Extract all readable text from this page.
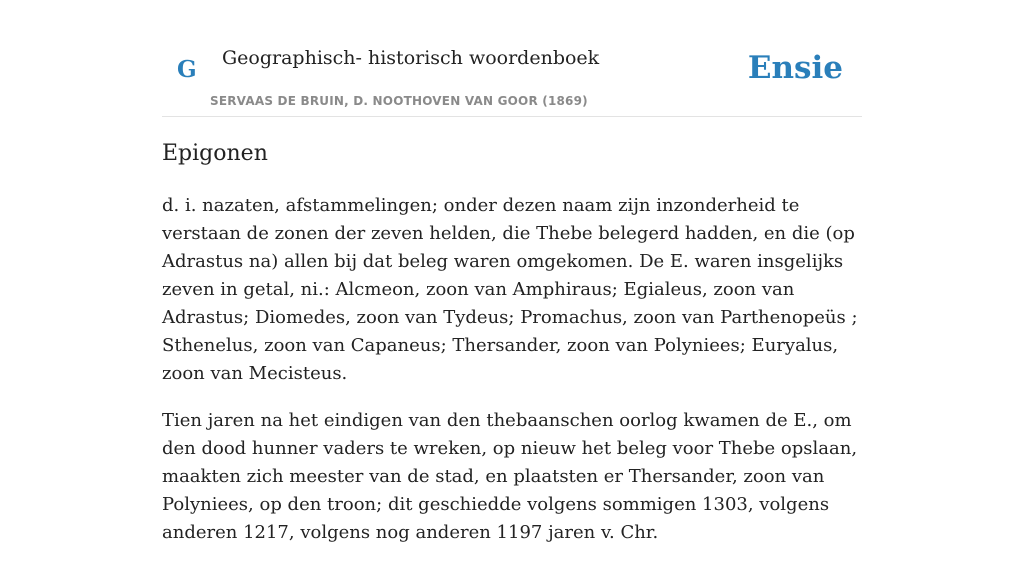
G Geographisch- historisch woordenboek
SERVAAS DE BRUIN, D. NOOTHOVEN VAN GOOR (1869)
Ensie
Epigonen

d. i. nazaten, afstammelingen; onder dezen naam zijn inzonderheid te verstaan de zonen der zeven helden, die Thebe belegerd hadden, en die (op Adrastus na) allen bij dat beleg waren omgekomen. De E. waren insgelijks zeven in getal, ni.: Alcmeon, zoon van Amphiraus; Egialeus, zoon van Adrastus; Diomedes, zoon van Tydeus; Promachus, zoon van Parthenopeüs ; Sthenelus, zoon van Capaneus; Thersander, zoon van Polyniees; Euryalus, zoon van Mecisteus.

Tien jaren na het eindigen van den thebaanschen oorlog kwamen de E., om den dood hunner vaders te wreken, op nieuw het beleg voor Thebe opslaan, maakten zich meester van de stad, en plaatsten er Thersander, zoon van Polyniees, op den troon; dit geschiedde volgens sommigen 1303, volgens anderen 1217, volgens nog anderen 1197 jaren v. Chr.
